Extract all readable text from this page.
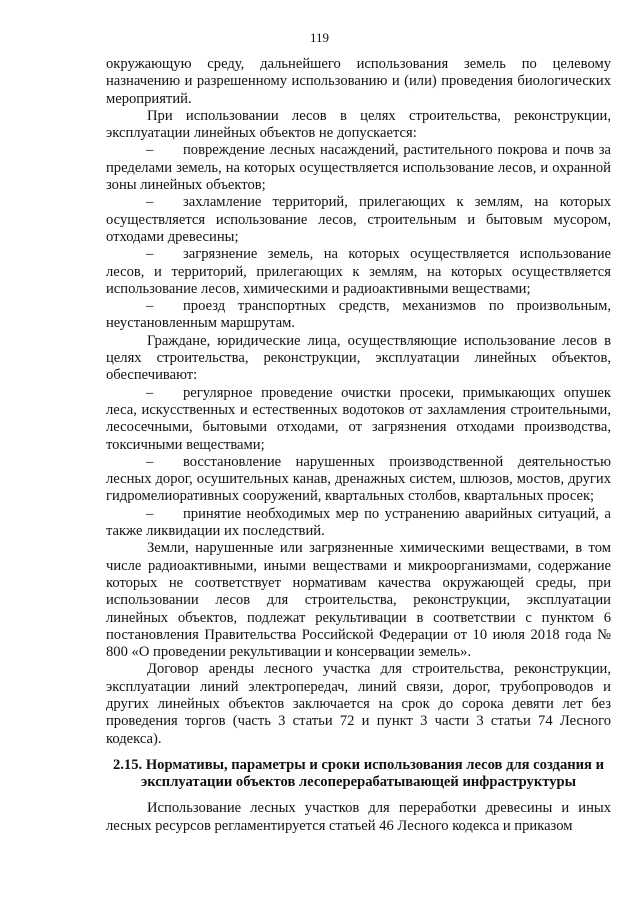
119

окружающую среду, дальнейшего использования земель по целевому назначению и разрешенному использованию и (или) проведения биологических мероприятий.

При использовании лесов в целях строительства, реконструкции, эксплуатации линейных объектов не допускается:

– повреждение лесных насаждений, растительного покрова и почв за пределами земель, на которых осуществляется использование лесов, и охранной зоны линейных объектов;

– захламление территорий, прилегающих к землям, на которых осуществляется использование лесов, строительным и бытовым мусором, отходами древесины;

– загрязнение земель, на которых осуществляется использование лесов, и территорий, прилегающих к землям, на которых осуществляется использование лесов, химическими и радиоактивными веществами;

– проезд транспортных средств, механизмов по произвольным, неустановленным маршрутам.

Граждане, юридические лица, осуществляющие использование лесов в целях строительства, реконструкции, эксплуатации линейных объектов, обеспечивают:

– регулярное проведение очистки просеки, примыкающих опушек леса, искусственных и естественных водотоков от захламления строительными, лесосечными, бытовыми отходами, от загрязнения отходами производства, токсичными веществами;

– восстановление нарушенных производственной деятельностью лесных дорог, осушительных канав, дренажных систем, шлюзов, мостов, других гидромелиоративных сооружений, квартальных столбов, квартальных просек;

– принятие необходимых мер по устранению аварийных ситуаций, а также ликвидации их последствий.

Земли, нарушенные или загрязненные химическими веществами, в том числе радиоактивными, иными веществами и микроорганизмами, содержание которых не соответствует нормативам качества окружающей среды, при использовании лесов для строительства, реконструкции, эксплуатации линейных объектов, подлежат рекультивации в соответствии с пунктом 6 постановления Правительства Российской Федерации от 10 июля 2018 года № 800 «О проведении рекультивации и консервации земель».

Договор аренды лесного участка для строительства, реконструкции, эксплуатации линий электропередач, линий связи, дорог, трубопроводов и других линейных объектов заключается на срок до сорока девяти лет без проведения торгов (часть 3 статьи 72 и пункт 3 части 3 статьи 74 Лесного кодекса).

2.15. Нормативы, параметры и сроки использования лесов для создания и эксплуатации объектов лесоперерабатывающей инфраструктуры

Использование лесных участков для переработки древесины и иных лесных ресурсов регламентируется статьей 46 Лесного кодекса и приказом
